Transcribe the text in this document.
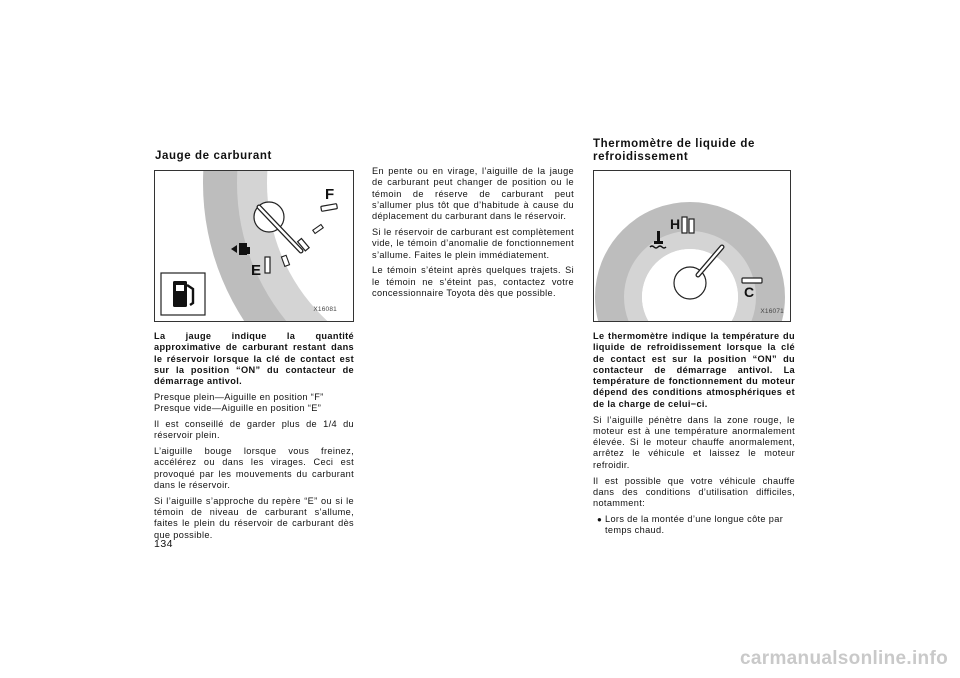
Jauge de carburant
F
E
X16081

La jauge indique la quantité approximative de carburant restant dans le réservoir lorsque la clé de contact est sur la position “ON” du contacteur de démarrage antivol.

Presque plein—Aiguille en position “F”

Presque vide—Aiguille en position “E”

Il est conseillé de garder plus de 1/4 du réservoir plein.

L’aiguille bouge lorsque vous freinez, accélérez ou dans les virages. Ceci est provoqué par les mouvements du carburant dans le réservoir.

Si l’aiguille s’approche du repère “E” ou si le témoin de niveau de carburant s’allume, faites le plein du réservoir de carburant dès que possible.

134

En pente ou en virage, l’aiguille de la jauge de carburant peut changer de position ou le témoin de réserve de carburant peut s’allumer plus tôt que d’habitude à cause du déplacement du carburant dans le réservoir.

Si le réservoir de carburant est complètement vide, le témoin d’anomalie de fonctionnement s’allume. Faites le plein immédiatement.

Le témoin s’éteint après quelques trajets. Si le témoin ne s’éteint pas, contactez votre concessionnaire Toyota dès que possible.

Thermomètre de liquide de
refroidissement
H
C
X16071

Le thermomètre indique la température du liquide de refroidissement lorsque la clé de contact est sur la position “ON” du contacteur de démarrage antivol. La température de fonctionnement du moteur dépend des conditions atmosphériques et de la charge de celui−ci.

Si l’aiguille pénètre dans la zone rouge, le moteur est à une température anormalement élevée. Si le moteur chauffe anormalement, arrêtez le véhicule et laissez le moteur refroidir.

Il est possible que votre véhicule chauffe dans des conditions d’utilisation difficiles, notamment:

● Lors de la montée d’une longue côte par temps chaud.
carmanualsonline.info
